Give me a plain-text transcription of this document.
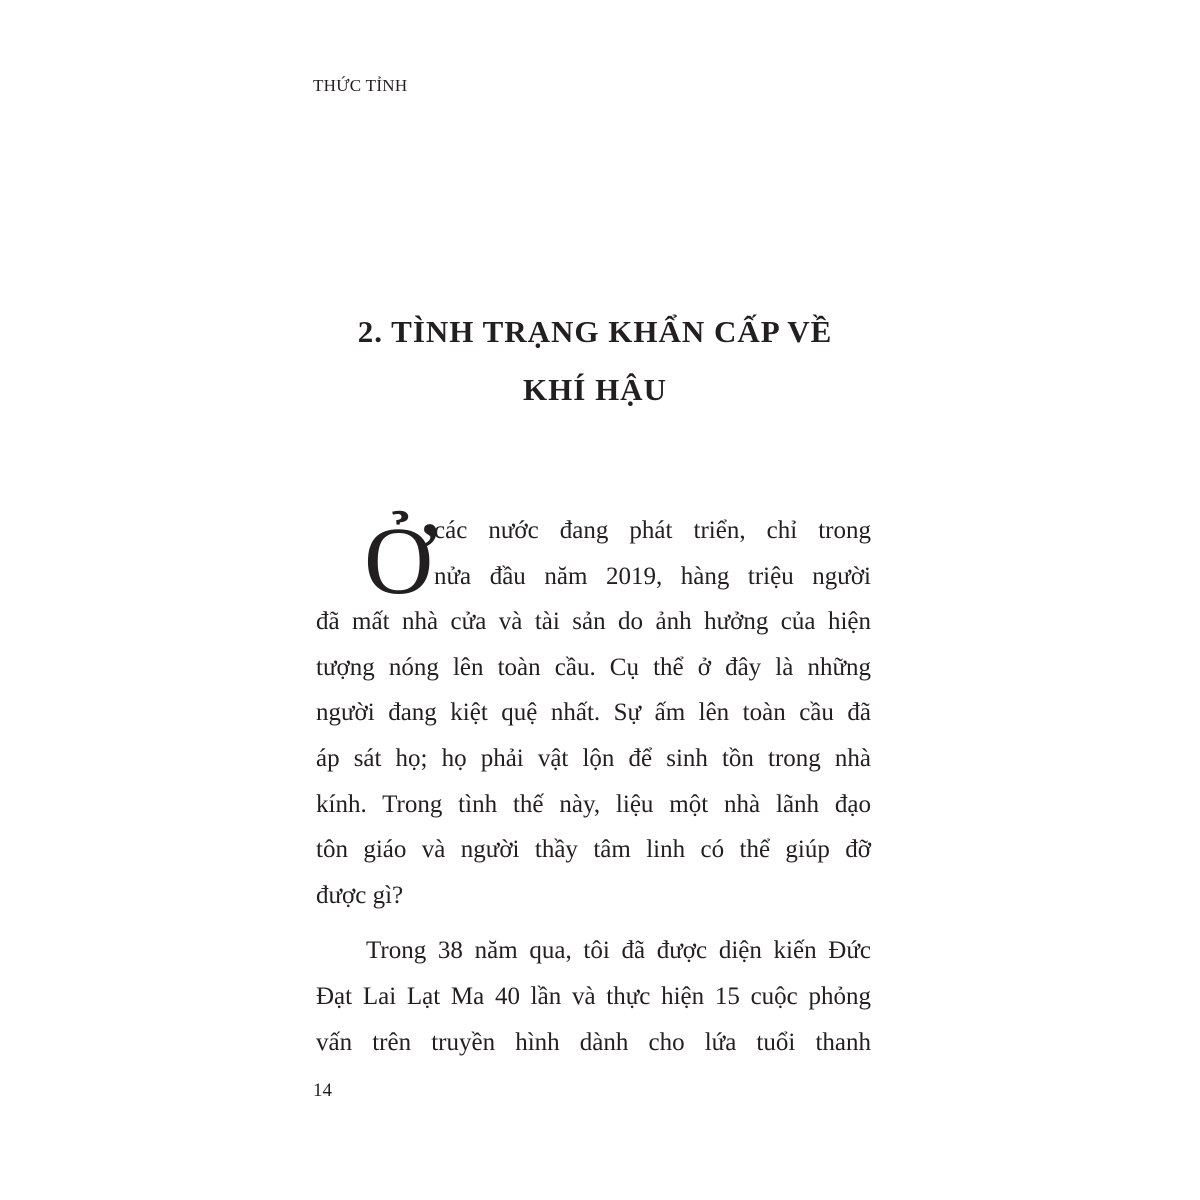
THỨC TỈNH
2. TÌNH TRẠNG KHẨN CẤP VỀ
KHÍ HẬU
Ở các nước đang phát triển, chỉ trong
nửa đầu năm 2019, hàng triệu người
đã mất nhà cửa và tài sản do ảnh hưởng của hiện
tượng nóng lên toàn cầu. Cụ thể ở đây là những
người đang kiệt quệ nhất. Sự ấm lên toàn cầu đã
áp sát họ; họ phải vật lộn để sinh tồn trong nhà
kính. Trong tình thế này, liệu một nhà lãnh đạo
tôn giáo và người thầy tâm linh có thể giúp đỡ
được gì?
Trong 38 năm qua, tôi đã được diện kiến Đức
Đạt Lai Lạt Ma 40 lần và thực hiện 15 cuộc phỏng
vấn trên truyền hình dành cho lứa tuổi thanh
14
